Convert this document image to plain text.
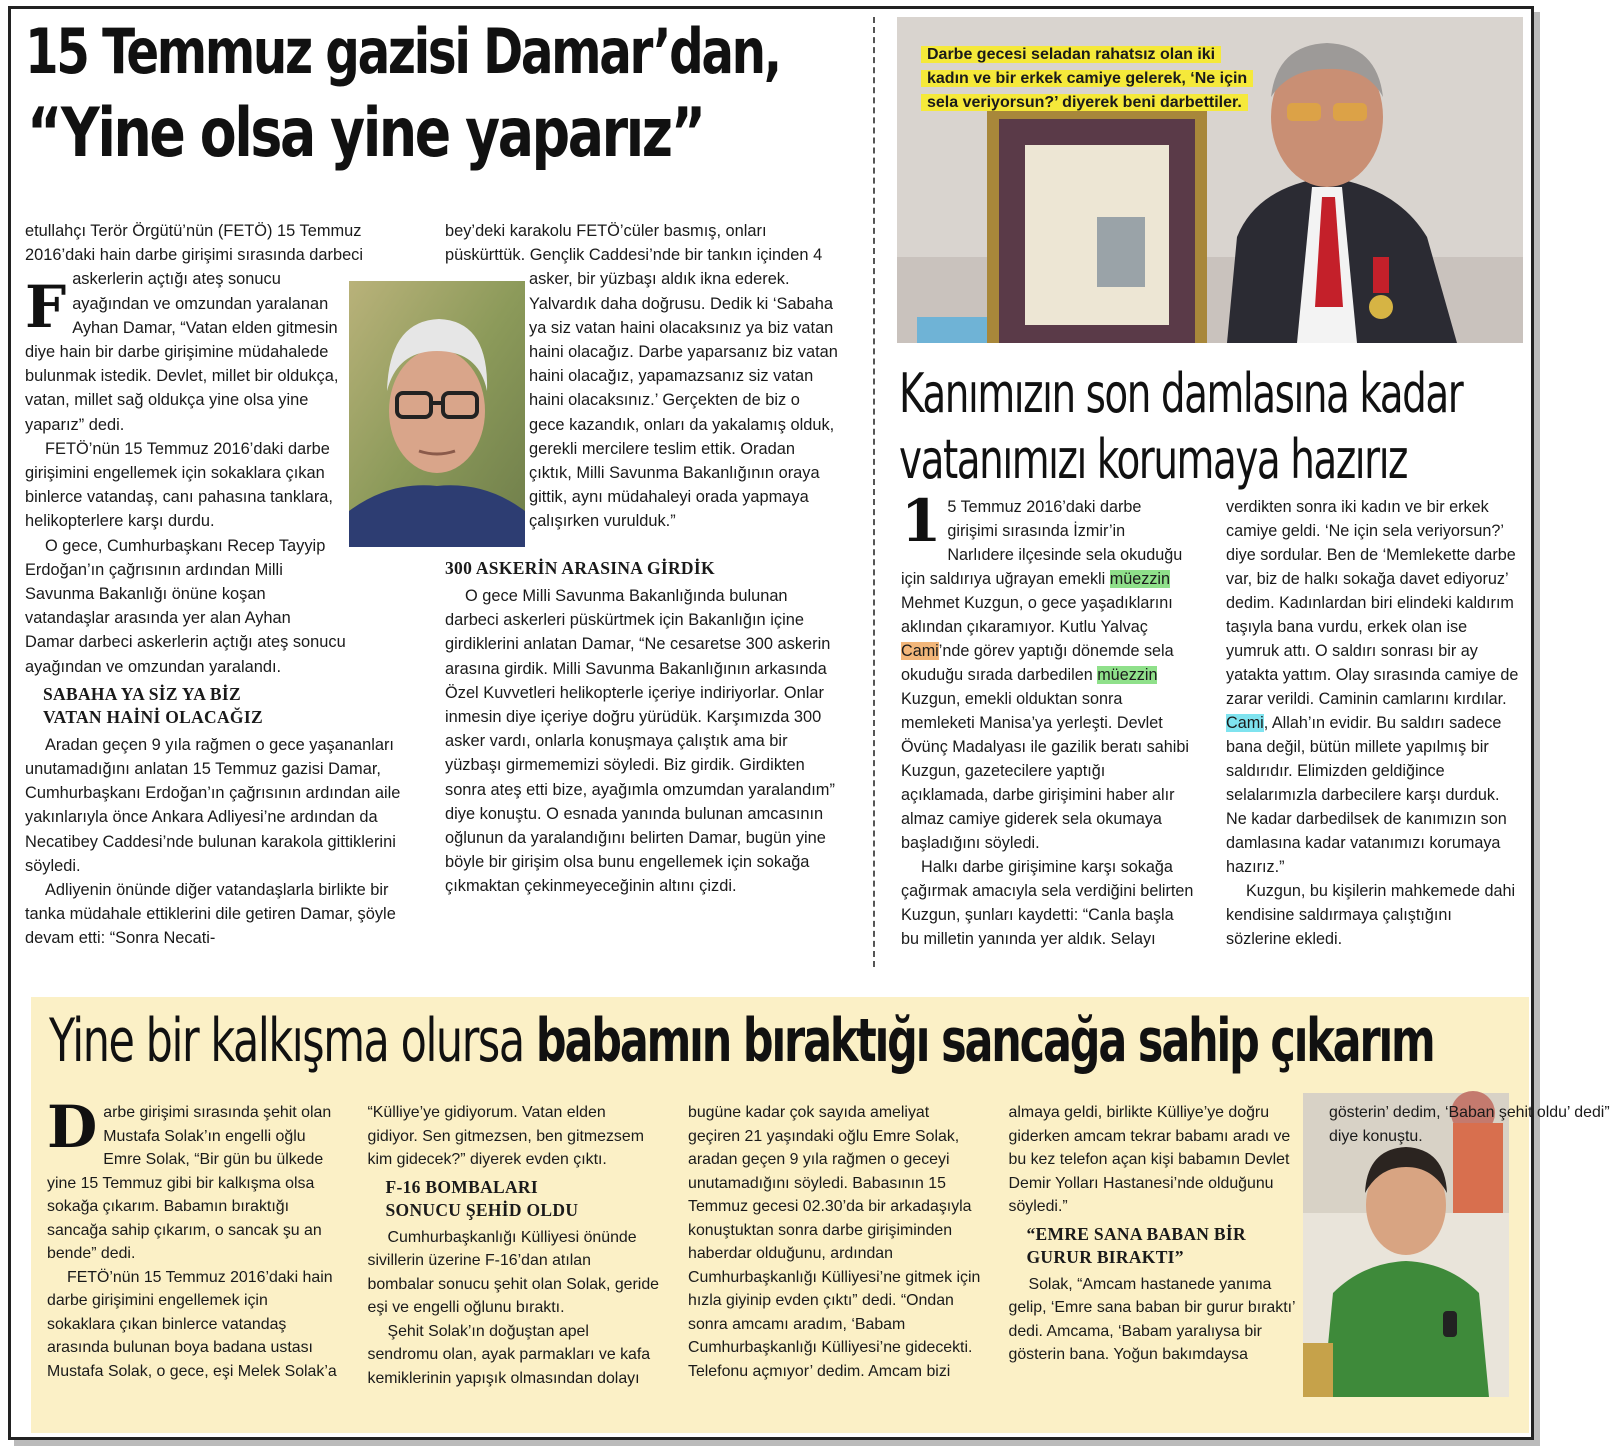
15 Temmuz gazisi Damar’dan,
“Yine olsa yine yaparız”

F
etullahçı Terör Örgütü’nün (FETÖ) 15 Temmuz 2016’daki hain darbe girişimi sırasında darbeci askerlerin açtığı ateş sonucu ayağından ve omzundan yaralanan Ayhan Damar, “Vatan elden gitmesin diye hain bir darbe girişimine müdahalede bulunmak istedik. Devlet, millet bir oldukça, vatan, millet sağ oldukça yine olsa yine yaparız” dedi.

FETÖ’nün 15 Temmuz 2016’daki darbe girişimini engellemek için sokaklara çıkan binlerce vatandaş, canı pahasına tanklara, helikopterlere karşı durdu.

O gece, Cumhurbaşkanı Recep Tayyip Erdoğan’ın çağrısının ardından Milli Savunma Bakanlığı önüne koşan vatandaşlar arasında yer alan Ayhan Damar darbeci askerlerin açtığı ateş sonucu ayağından ve omzundan yaralandı.

SABAHA YA SİZ YA BİZ
VATAN HAİNİ OLACAĞIZ

Aradan geçen 9 yıla rağmen o gece yaşananları unutamadığını anlatan 15 Temmuz gazisi Damar, Cumhurbaşkanı Erdoğan’ın çağrısının ardından aile yakınlarıyla önce Ankara Adliyesi’ne ardından da Necatibey Caddesi’nde bulunan karakola gittiklerini söyledi.

Adliyenin önünde diğer vatandaşlarla birlikte bir tanka müdahale ettiklerini dile getiren Damar, şöyle devam etti: “Sonra Necati-

bey’deki karakolu FETÖ’cüler basmış, onları püskürttük. Gençlik Caddesi’nde bir tankın içinden 4 asker, bir yüzbaşı aldık ikna ederek. Yalvardık daha doğrusu. Dedik ki ‘Sabaha ya siz vatan haini olacaksınız ya biz vatan haini olacağız. Darbe yaparsanız biz vatan haini olacağız, yapamazsanız siz vatan haini olacaksınız.’ Gerçekten de biz o gece kazandık, onları da yakalamış olduk, gerekli mercilere teslim ettik. Oradan çıktık, Milli Savunma Bakanlığının oraya gittik, aynı müdahaleyi orada yapmaya çalışırken vurulduk.”

300 ASKERİN ARASINA GİRDİK

O gece Milli Savunma Bakanlığında bulunan darbeci askerleri püskürtmek için Bakanlığın içine girdiklerini anlatan Damar, “Ne cesaretse 300 askerin arasına girdik. Milli Savunma Bakanlığının arkasında Özel Kuvvetleri helikopterle içeriye indiriyorlar. Onlar inmesin diye içeriye doğru yürüdük. Karşımızda 300 asker vardı, onlarla konuşmaya çalıştık ama bir yüzbaşı girmememizi söyledi. Biz girdik. Girdikten sonra ateş etti bize, ayağımla omzumdan yaralandım” diye konuştu. O esnada yanında bulunan amcasının oğlunun da yaralandığını belirten Damar, bugün yine böyle bir girişim olsa bunu engellemek için sokağa çıkmaktan çekinmeyeceğinin altını çizdi.

Darbe gecesi seladan rahatsız olan iki kadın ve bir erkek camiye gelerek, ‘Ne için sela veriyorsun?’ diyerek beni darbettiler.
Kanımızın son damlasına kadar
vatanımızı korumaya hazırız

1 5 Temmuz 2016’daki darbe girişimi sırasında İzmir’in Narlıdere ilçesinde sela okuduğu için saldırıya uğrayan emekli müezzin Mehmet Kuzgun, o gece yaşadıklarını aklından çıkaramıyor. Kutlu Yalvaç Cami’nde görev yaptığı dönemde sela okuduğu sırada darbedilen müezzin Kuzgun, emekli olduktan sonra memleketi Manisa’ya yerleşti. Devlet Övünç Madalyası ile gazilik beratı sahibi Kuzgun, gazetecilere yaptığı açıklamada, darbe girişimini haber alır almaz camiye giderek sela okumaya başladığını söyledi.

Halkı darbe girişimine karşı sokağa çağırmak amacıyla sela verdiğini belirten Kuzgun, şunları kaydetti: “Canla başla bu milletin yanında yer aldık. Selayı verdikten sonra iki kadın ve bir erkek camiye geldi. ‘Ne için sela veriyorsun?’ diye sordular. Ben de ‘Memlekette darbe var, biz de halkı sokağa davet ediyoruz’ dedim. Kadınlardan biri elindeki kaldırım taşıyla bana vurdu, erkek olan ise yumruk attı. O saldırı sonrası bir ay yatakta yattım. Olay sırasında camiye de zarar verildi. Caminin camlarını kırdılar. Cami, Allah’ın evidir. Bu saldırı sadece bana değil, bütün millete yapılmış bir saldırıdır. Elimizden geldiğince selalarımızla darbecilere karşı durduk. Ne kadar darbedilsek de kanımızın son damlasına kadar vatanımızı korumaya hazırız.”

Kuzgun, bu kişilerin mahkemede dahi kendisine saldırmaya çalıştığını sözlerine ekledi.

Yine bir kalkışma olursa babamın bıraktığı sancağa sahip çıkarım

Darbe girişimi sırasında şehit olan Mustafa Solak’ın engelli oğlu Emre Solak, “Bir gün bu ülkede yine 15 Temmuz gibi bir kalkışma olsa sokağa çıkarım. Babamın bıraktığı sancağa sahip çıkarım, o sancak şu an bende” dedi.

FETÖ’nün 15 Temmuz 2016’daki hain darbe girişimini engellemek için sokaklara çıkan binlerce vatandaş arasında bulunan boya badana ustası Mustafa Solak, o gece, eşi Melek Solak’a “Külliye’ye gidiyorum. Vatan elden gidiyor. Sen gitmezsen, ben gitmezsem kim gidecek?” diyerek evden çıktı.

F-16 BOMBALARI
SONUCU ŞEHİD OLDU

Cumhurbaşkanlığı Külliyesi önünde sivillerin üzerine F-16’dan atılan bombalar sonucu şehit olan Solak, geride eşi ve engelli oğlunu bıraktı.

Şehit Solak’ın doğuştan apel sendromu olan, ayak parmakları ve kafa kemiklerinin yapışık olmasından dolayı bugüne kadar çok sayıda ameliyat geçiren 21 yaşındaki oğlu Emre Solak, aradan geçen 9 yıla rağmen o geceyi unutamadığını söyledi. Babasının 15 Temmuz gecesi 02.30’da bir arkadaşıyla konuştuktan sonra darbe girişiminden haberdar olduğunu, ardından Cumhurbaşkanlığı Külliyesi’ne gitmek için hızla giyinip evden çıktı” dedi. “Ondan sonra amcamı aradım, ‘Babam Cumhurbaşkanlığı Külliyesi’ne gidecekti. Telefonu açmıyor’ dedim. Amcam bizi almaya geldi, birlikte Külliye’ye doğru giderken amcam tekrar babamı aradı ve bu kez telefon açan kişi babamın Devlet Demir Yolları Hastanesi’nde olduğunu söyledi.”

“EMRE SANA BABAN BİR
GURUR BIRAKTI”

Solak, “Amcam hastanede yanıma gelip, ‘Emre sana baban bir gurur bıraktı’ dedi. Amcama, ‘Babam yaralıysa bir gösterin bana. Yoğun bakımdaysa gösterin’ dedim, ‘Baban şehit oldu’ dedi” diye konuştu.
